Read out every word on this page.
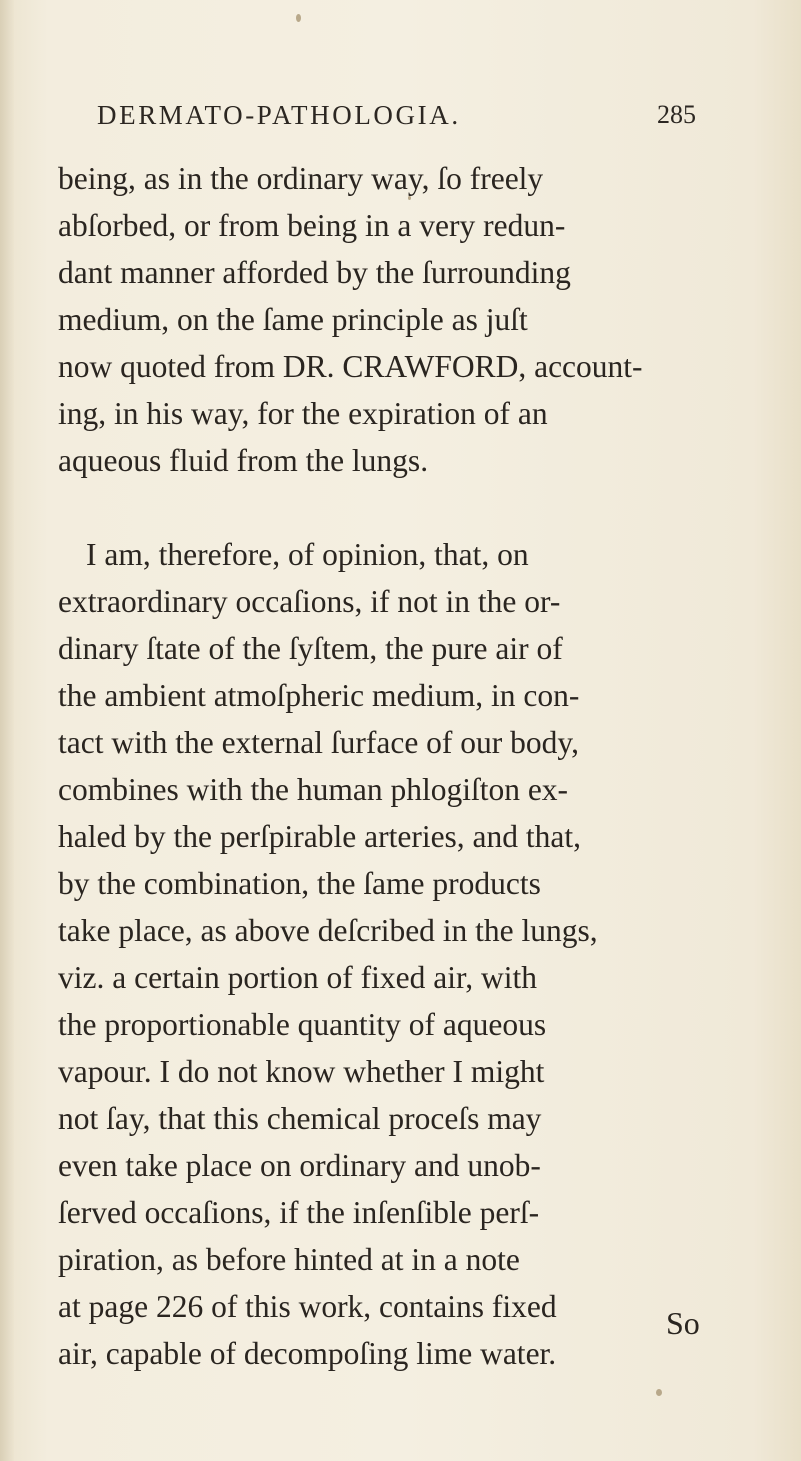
DERMATO-PATHOLOGIA.	285
being, as in the ordinary way, ſo freely
abſorbed, or from being in a very redun-
dant manner afforded by the ſurrounding
medium, on the ſame principle as juſt
now quoted from DR. CRAWFORD, account-
ing, in his way, for the expiration of an
aqueous fluid from the lungs.
I am, therefore, of opinion, that, on
extraordinary occaſions, if not in the or-
dinary ſtate of the ſyſtem, the pure air of
the ambient atmoſpheric medium, in con-
tact with the external ſurface of our body,
combines with the human phlogiſton ex-
haled by the perſpirable arteries, and that,
by the combination, the ſame products
take place, as above deſcribed in the lungs,
viz. a certain portion of fixed air, with
the proportionable quantity of aqueous
vapour. I do not know whether I might
not ſay, that this chemical proceſs may
even take place on ordinary and unob-
ſerved occaſions, if the inſenſible perſ-
piration, as before hinted at in a note
at page 226 of this work, contains fixed
air, capable of decompoſing lime water.
So
